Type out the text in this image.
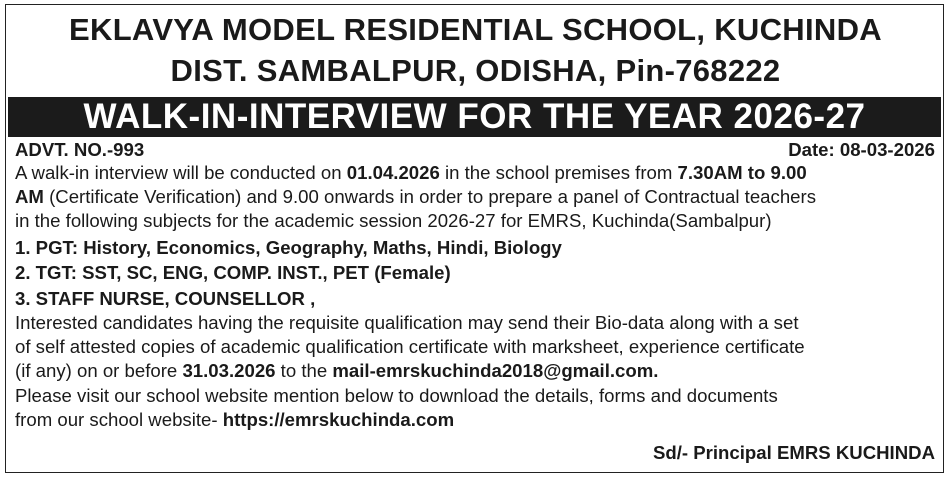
EKLAVYA MODEL RESIDENTIAL SCHOOL, KUCHINDA
DIST. SAMBALPUR, ODISHA, Pin-768222
WALK-IN-INTERVIEW FOR THE YEAR 2026-27
ADVT. NO.-993	Date: 08-03-2026
A walk-in interview will be conducted on 01.04.2026 in the school premises from 7.30AM to 9.00
AM (Certificate Verification) and 9.00 onwards in order to prepare a panel of Contractual teachers
in the following subjects for the academic session 2026-27 for EMRS, Kuchinda(Sambalpur)
1. PGT: History, Economics, Geography, Maths, Hindi, Biology
2. TGT: SST, SC, ENG, COMP. INST., PET (Female)
3. STAFF NURSE, COUNSELLOR ,
Interested candidates having the requisite qualification may send their Bio-data along with a set
of self attested copies of academic qualification certificate with marksheet, experience certificate
(if any) on or before 31.03.2026 to the mail-emrskuchinda2018@gmail.com.
Please visit our school website mention below to download the details, forms and documents
from our school website- https://emrskuchinda.com
Sd/- Principal EMRS KUCHINDA
